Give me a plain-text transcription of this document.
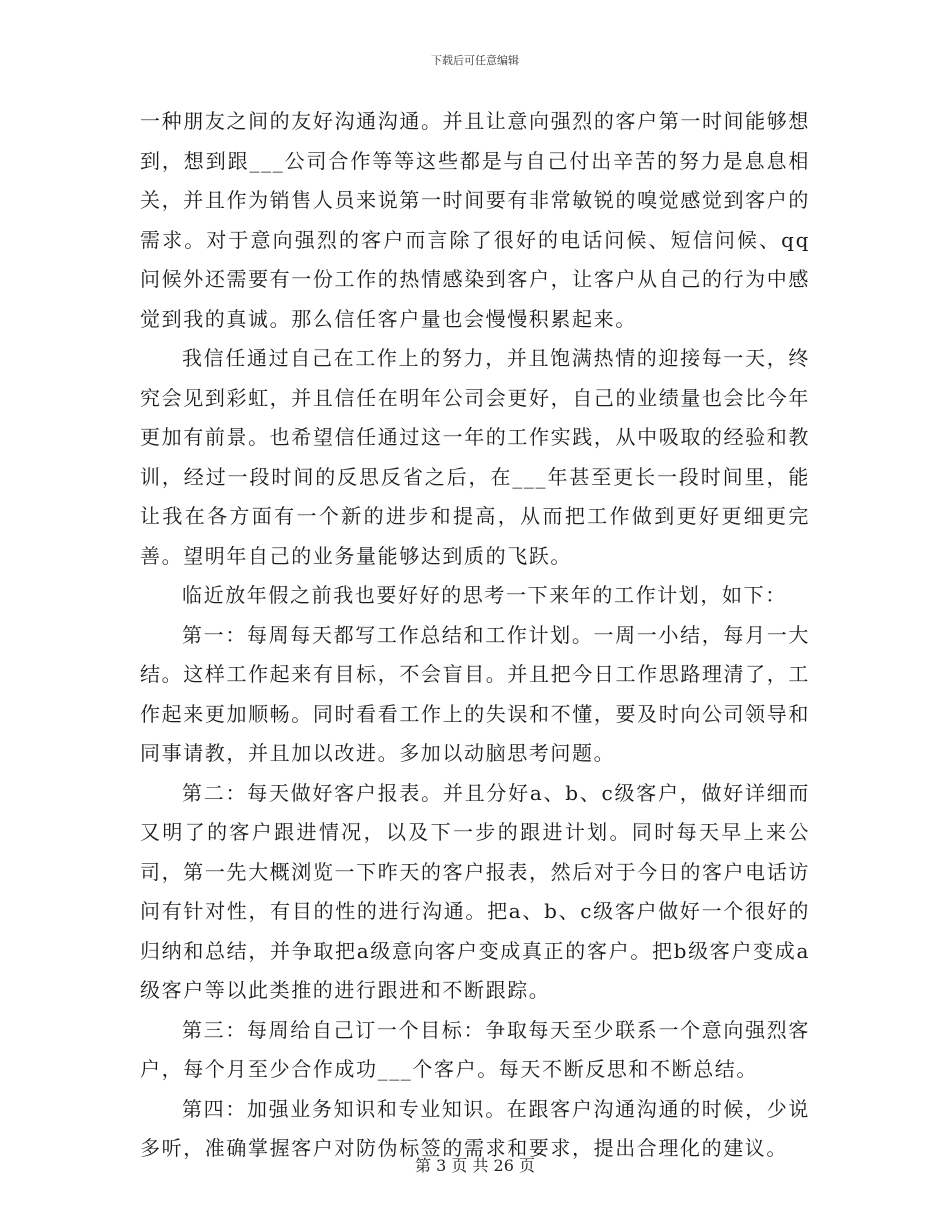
下载后可任意编辑

一种朋友之间的友好沟通沟通。并且让意向强烈的客户第一时间能够想到，想到跟___公司合作等等这些都是与自己付出辛苦的努力是息息相关，并且作为销售人员来说第一时间要有非常敏锐的嗅觉感觉到客户的需求。对于意向强烈的客户而言除了很好的电话问候、短信问候、qq问候外还需要有一份工作的热情感染到客户，让客户从自己的行为中感觉到我的真诚。那么信任客户量也会慢慢积累起来。

我信任通过自己在工作上的努力，并且饱满热情的迎接每一天，终究会见到彩虹，并且信任在明年公司会更好，自己的业绩量也会比今年更加有前景。也希望信任通过这一年的工作实践，从中吸取的经验和教训，经过一段时间的反思反省之后，在___年甚至更长一段时间里，能让我在各方面有一个新的进步和提高，从而把工作做到更好更细更完善。望明年自己的业务量能够达到质的飞跃。

临近放年假之前我也要好好的思考一下来年的工作计划，如下：

第一：每周每天都写工作总结和工作计划。一周一小结，每月一大结。这样工作起来有目标，不会盲目。并且把今日工作思路理清了，工作起来更加顺畅。同时看看工作上的失误和不懂，要及时向公司领导和同事请教，并且加以改进。多加以动脑思考问题。

第二：每天做好客户报表。并且分好a、b、c级客户，做好详细而又明了的客户跟进情况，以及下一步的跟进计划。同时每天早上来公司，第一先大概浏览一下昨天的客户报表，然后对于今日的客户电话访问有针对性，有目的性的进行沟通。把a、b、c级客户做好一个很好的归纳和总结，并争取把a级意向客户变成真正的客户。把b级客户变成a级客户等以此类推的进行跟进和不断跟踪。

第三：每周给自己订一个目标：争取每天至少联系一个意向强烈客户，每个月至少合作成功___个客户。每天不断反思和不断总结。

第四：加强业务知识和专业知识。在跟客户沟通沟通的时候，少说多听，准确掌握客户对防伪标签的需求和要求，提出合理化的建议。

第 3 页 共 26 页
